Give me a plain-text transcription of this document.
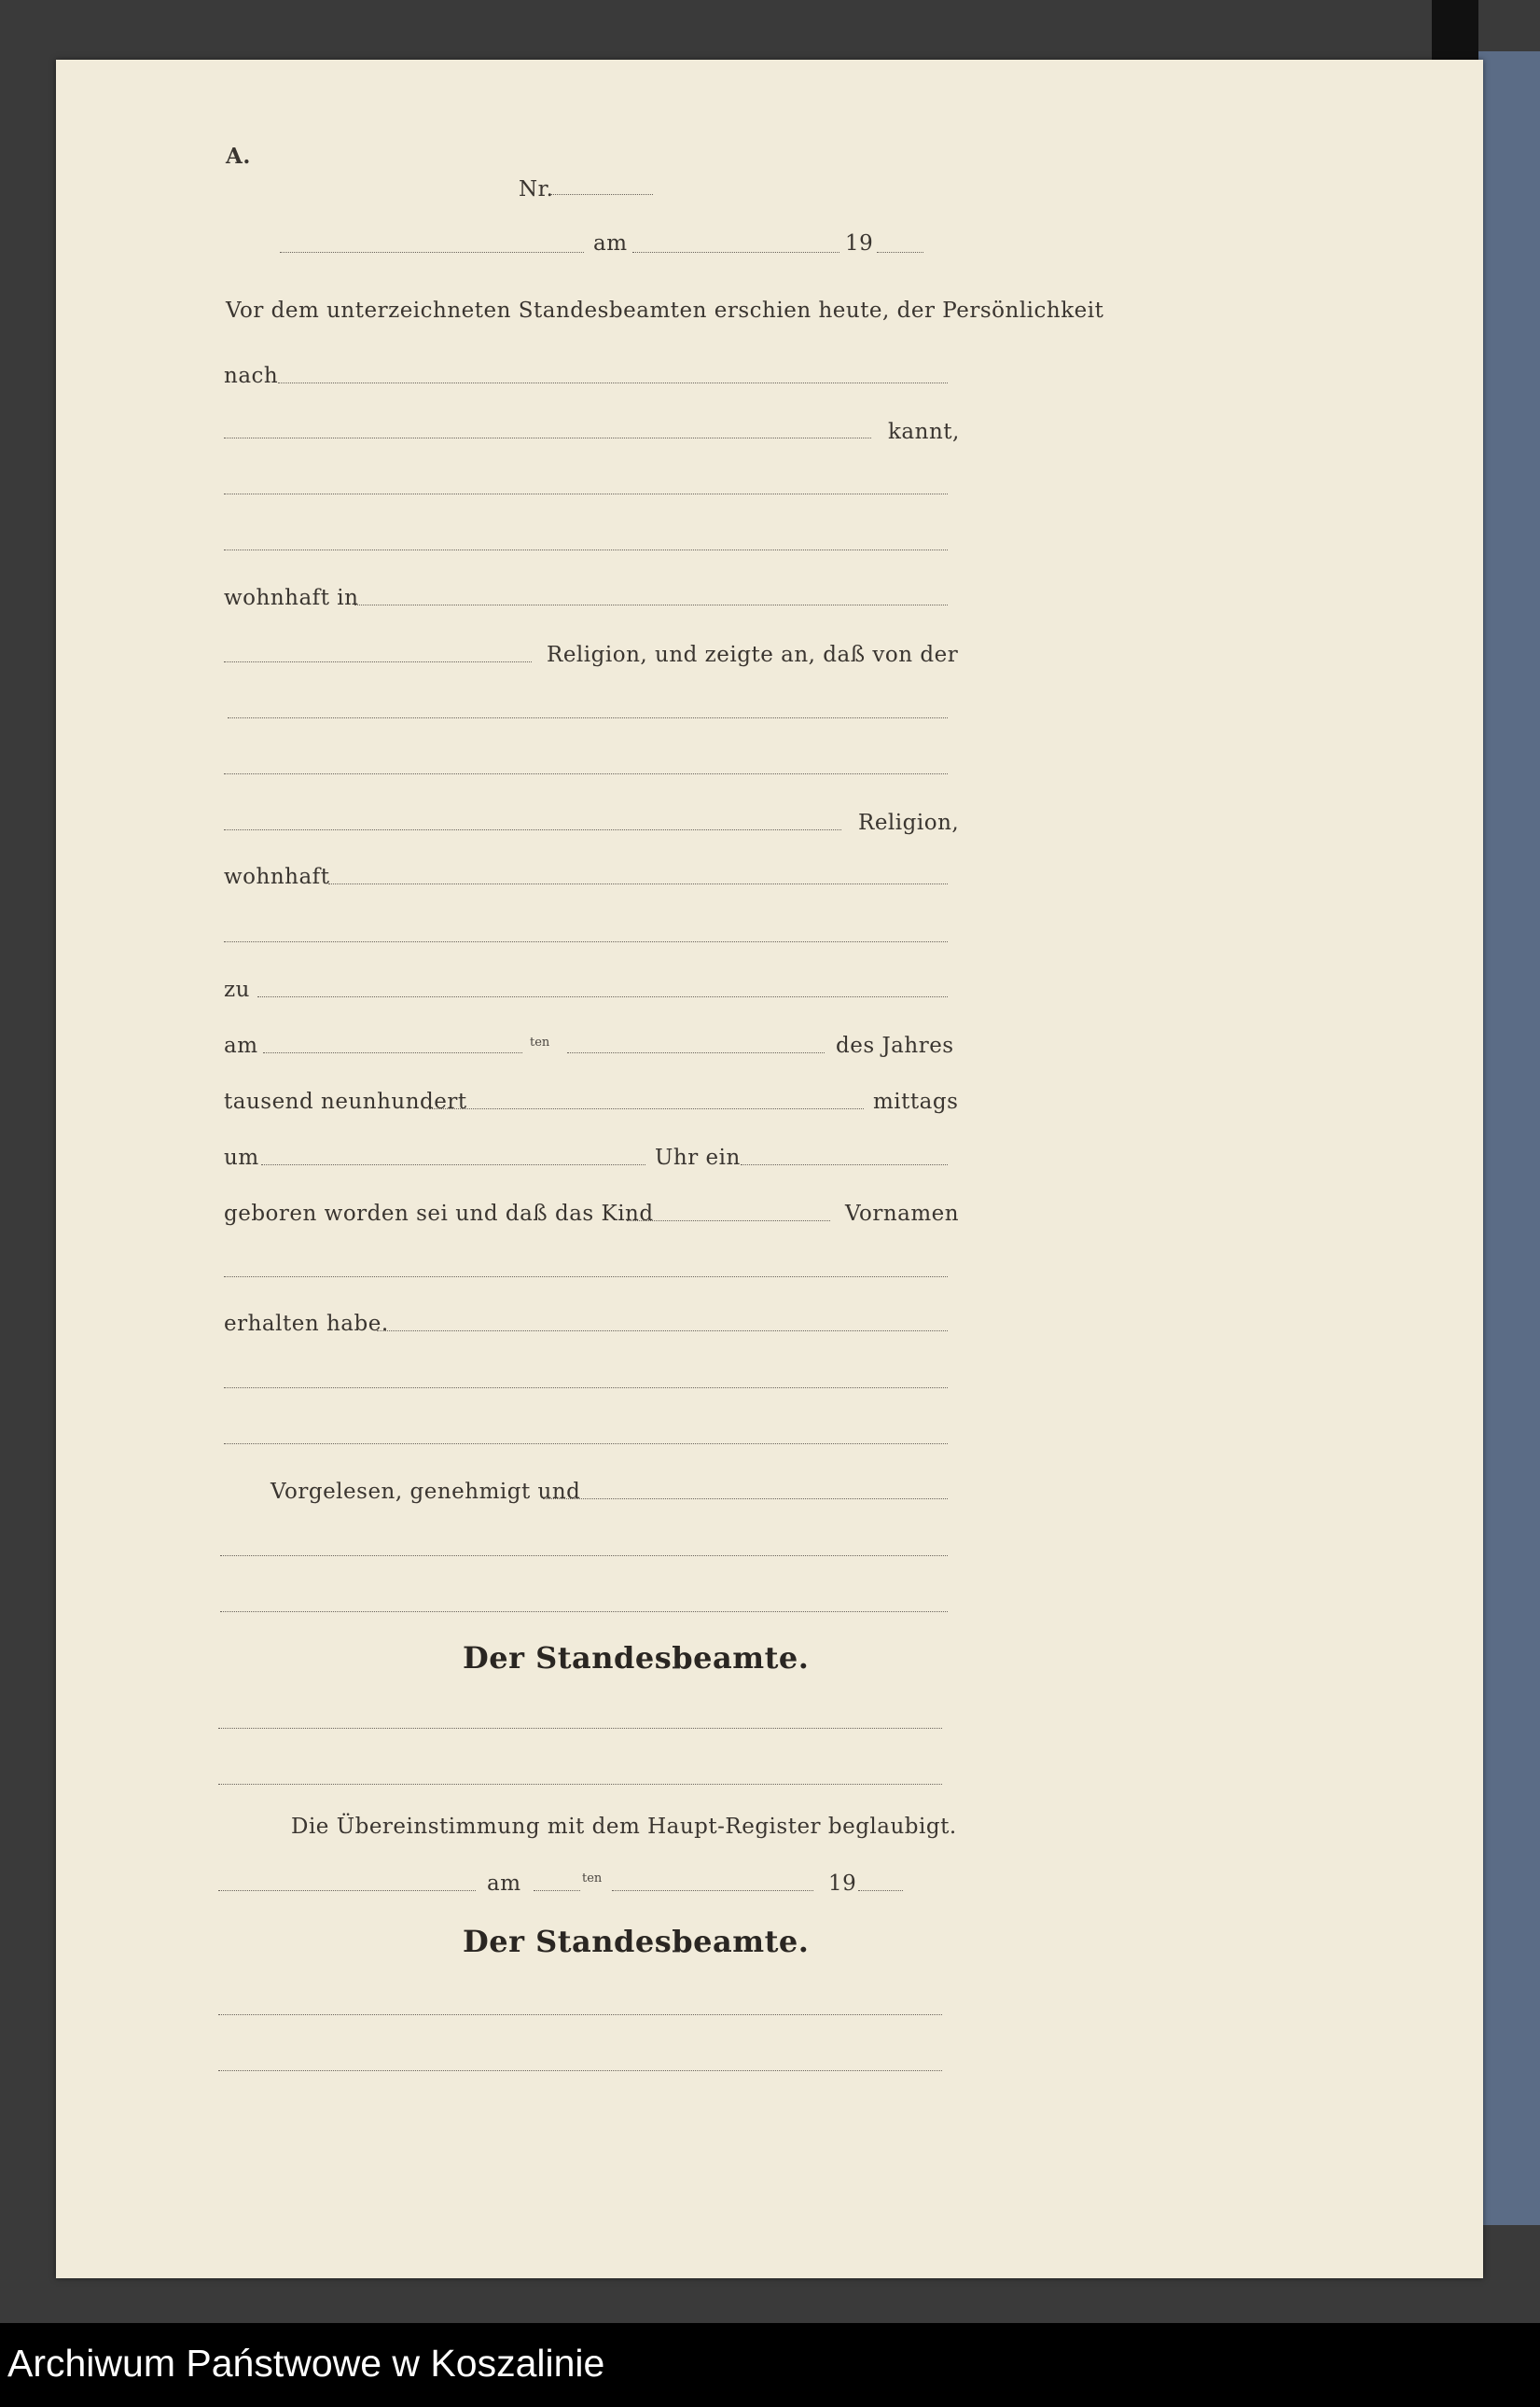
A.
Nr.
am	19
Vor dem unterzeichneten Standesbeamten erschien heute, der Persönlichkeit
nach
kannt,
wohnhaft in
Religion, und zeigte an, daß von der
Religion,
wohnhaft
zu
am	ten	des Jahres
tausend neunhundert	mittags
um	Uhr ein
geboren worden sei und daß das Kind	Vornamen
erhalten habe.
Vorgelesen, genehmigt und
Der Standesbeamte.
Die Übereinstimmung mit dem Haupt-Register beglaubigt.
am	ten	19
Der Standesbeamte.
Archiwum Państwowe w Koszalinie
